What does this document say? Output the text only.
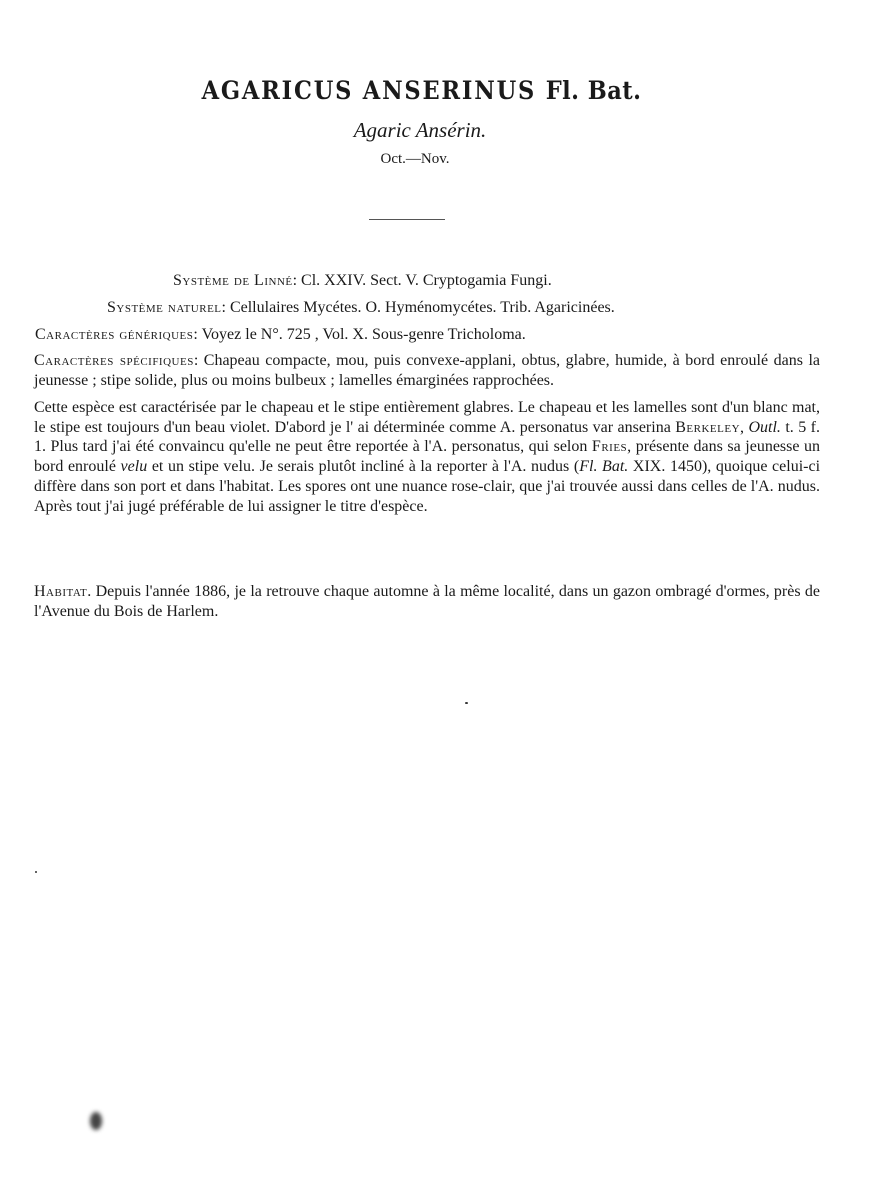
AGARICUS ANSERINUS Fl. Bat.
Agaric Ansérin.
Oct.—Nov.
Système de Linné: Cl. XXIV. Sect. V. Cryptogamia Fungi.
Système naturel: Cellulaires Mycétes. O. Hyménomycétes. Trib. Agaricinées.
Caractères génériques: Voyez le N°. 725 , Vol. X. Sous-genre Tricholoma.

Caractères spécifiques: Chapeau compacte, mou, puis convexe-applani, obtus, glabre, humide, à bord enroulé dans la jeunesse ; stipe solide, plus ou moins bulbeux ; lamelles émarginées rapprochées.

Cette espèce est caractérisée par le chapeau et le stipe entièrement glabres. Le chapeau et les lamelles sont d'un blanc mat, le stipe est toujours d'un beau violet. D'abord je l' ai déterminée comme A. personatus var anserina Berkeley, Outl. t. 5 f. 1. Plus tard j'ai été convaincu qu'elle ne peut être reportée à l'A. personatus, qui selon Fries, présente dans sa jeunesse un bord enroulé velu et un stipe velu. Je serais plutôt incliné à la reporter à l'A. nudus (Fl. Bat. XIX. 1450), quoique celui-ci diffère dans son port et dans l'habitat. Les spores ont une nuance rose-clair, que j'ai trouvée aussi dans celles de l'A. nudus. Après tout j'ai jugé préférable de lui assigner le titre d'espèce.

Habitat. Depuis l'année 1886, je la retrouve chaque automne à la même localité, dans un gazon ombragé d'ormes, près de l'Avenue du Bois de Harlem.
